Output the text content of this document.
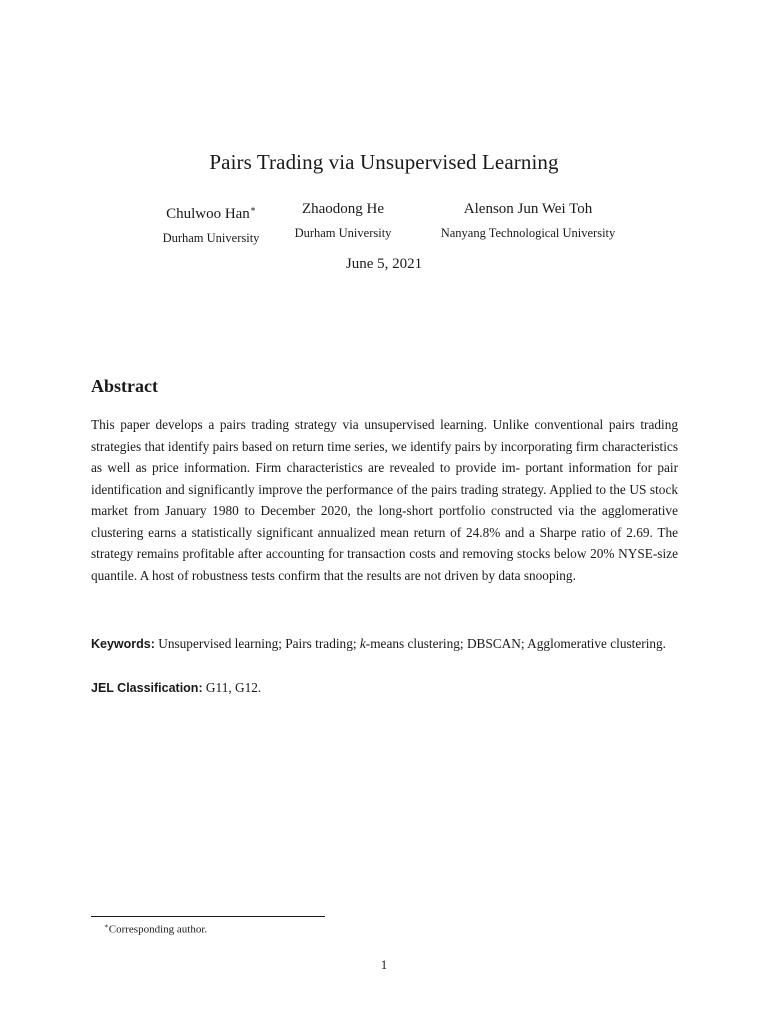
Pairs Trading via Unsupervised Learning
Chulwoo Han∗
Durham University
Zhaodong He
Durham University
Alenson Jun Wei Toh
Nanyang Technological University
June 5, 2021
Abstract

This paper develops a pairs trading strategy via unsupervised learning. Unlike conventional pairs trading strategies that identify pairs based on return time series, we identify pairs by incorporating firm characteristics as well as price information. Firm characteristics are revealed to provide im- portant information for pair identification and significantly improve the performance of the pairs trading strategy. Applied to the US stock market from January 1980 to December 2020, the long-short portfolio constructed via the agglomerative clustering earns a statistically significant annualized mean return of 24.8% and a Sharpe ratio of 2.69. The strategy remains profitable after accounting for transaction costs and removing stocks below 20% NYSE-size quantile. A host of robustness tests confirm that the results are not driven by data snooping.

Keywords: Unsupervised learning; Pairs trading; k-means clustering; DBSCAN; Agglomerative clustering.

JEL Classification: G11, G12.

∗Corresponding author.
1
